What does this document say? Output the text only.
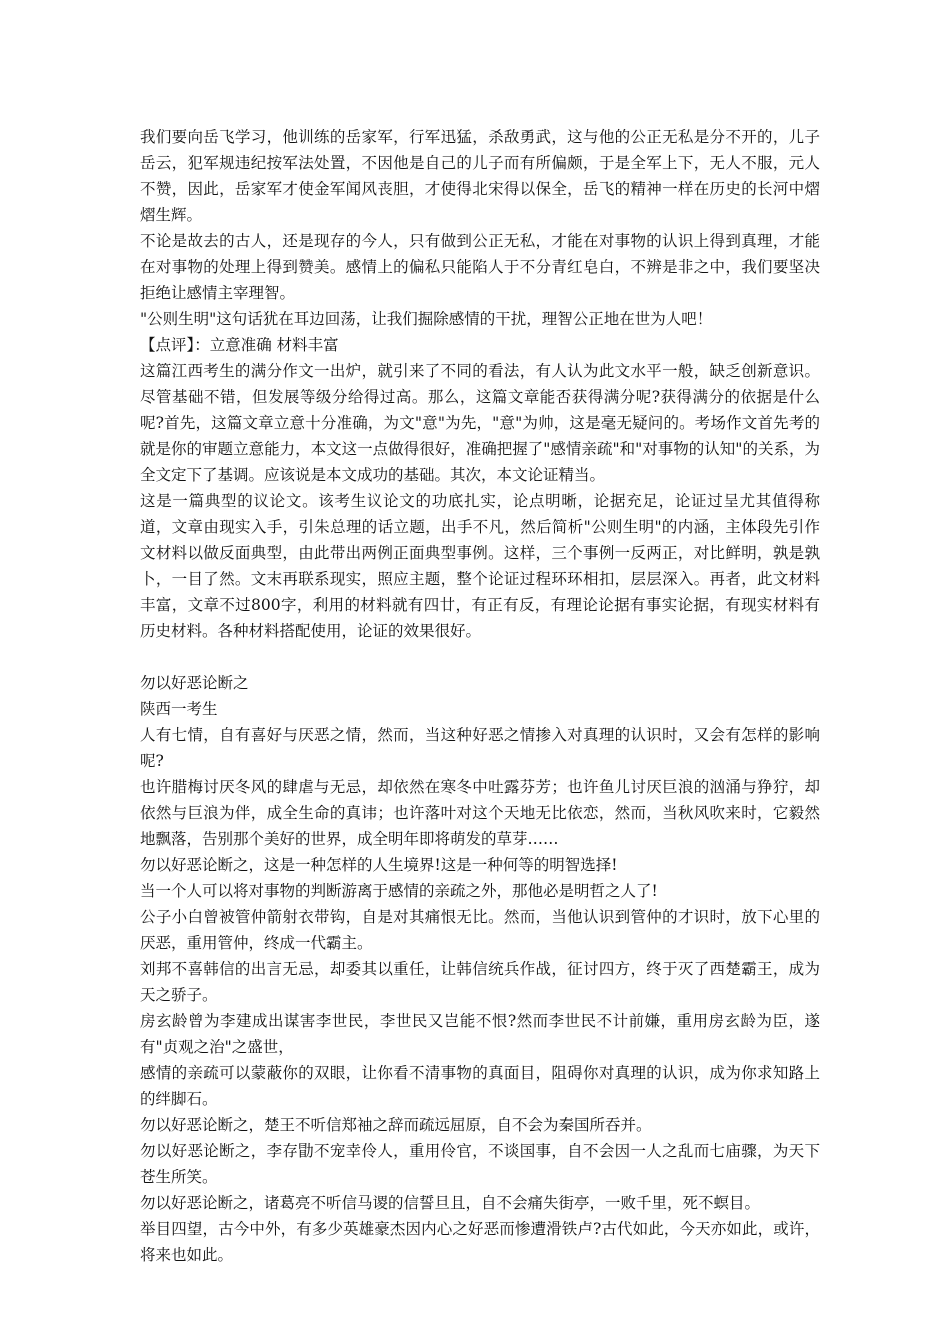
我们要向岳飞学习，他训练的岳家军，行军迅猛，杀敌勇武，这与他的公正无私是分不开的，儿子岳云，犯军规违纪按军法处置，不因他是自己的儿子而有所偏颇，于是全军上下，无人不服，元人不赞，因此，岳家军才使金军闻风丧胆，才使得北宋得以保全，岳飞的精神一样在历史的长河中熠熠生辉。

不论是故去的古人，还是现存的今人，只有做到公正无私，才能在对事物的认识上得到真理，才能在对事物的处理上得到赞美。感情上的偏私只能陷人于不分青红皂白，不辨是非之中，我们要坚决拒绝让感情主宰理智。

"公则生明"这句话犹在耳边回荡，让我们掘除感情的干扰，理智公正地在世为人吧！

【点评】：立意准确 材料丰富

这篇江西考生的满分作文一出炉，就引来了不同的看法，有人认为此文水平一般，缺乏创新意识。尽管基础不错，但发展等级分给得过高。那么，这篇文章能否获得满分呢?获得满分的依据是什么呢?首先，这篇文章立意十分准确，为文"意"为先，"意"为帅，这是毫无疑问的。考场作文首先考的就是你的审题立意能力，本文这一点做得很好，准确把握了"感情亲疏"和"对事物的认知"的关系，为全文定下了基调。应该说是本文成功的基础。其次，本文论证精当。

这是一篇典型的议论文。该考生议论文的功底扎实，论点明晰，论据充足，论证过呈尤其值得称道，文章由现实入手，引朱总理的话立题，出手不凡，然后简析"公则生明"的内涵，主体段先引作文材料以做反面典型，由此带出两例正面典型事例。这样，三个事例一反两正，对比鲜明，孰是孰卜，一目了然。文末再联系现实，照应主题，整个论证过程环环相扣，层层深入。再者，此文材料丰富，文章不过800字，利用的材料就有四廿，有正有反，有理论论据有事实论据，有现实材料有历史材料。各种材料搭配使用，论证的效果很好。

勿以好恶论断之

陕西一考生

人有七情，自有喜好与厌恶之情，然而，当这种好恶之情掺入对真理的认识时，又会有怎样的影响呢?

也许腊梅讨厌冬风的肆虐与无忌，却依然在寒冬中吐露芬芳；也许鱼儿讨厌巨浪的汹涌与狰狞，却依然与巨浪为伴，成全生命的真讳；也许落叶对这个天地无比依恋，然而，当秋风吹来时，它毅然地飘落，告别那个美好的世界，成全明年即将萌发的草芽……

勿以好恶论断之，这是一种怎样的人生境界!这是一种何等的明智选择!

当一个人可以将对事物的判断游离于感情的亲疏之外，那他必是明哲之人了!

公子小白曾被管仲箭射衣带钩，自是对其痛恨无比。然而，当他认识到管仲的才识时，放下心里的厌恶，重用管仲，终成一代霸主。

刘邦不喜韩信的出言无忌，却委其以重任，让韩信统兵作战，征讨四方，终于灭了西楚霸王，成为天之骄子。

房玄龄曾为李建成出谋害李世民，李世民又岂能不恨?然而李世民不计前嫌，重用房玄龄为臣，遂有"贞观之治"之盛世，

感情的亲疏可以蒙蔽你的双眼，让你看不清事物的真面目，阻碍你对真理的认识，成为你求知路上的绊脚石。

勿以好恶论断之，楚王不听信郑袖之辞而疏远屈原，自不会为秦国所吞并。

勿以好恶论断之，李存勖不宠幸伶人，重用伶官，不谈国事，自不会因一人之乱而七庙骤，为天下苍生所笑。

勿以好恶论断之，诸葛亮不听信马谡的信誓旦且，自不会痛失街亭，一败千里，死不螟目。

举目四望，古今中外，有多少英雄豪杰因内心之好恶而惨遭滑铁卢?古代如此，今天亦如此，或许，将来也如此。
